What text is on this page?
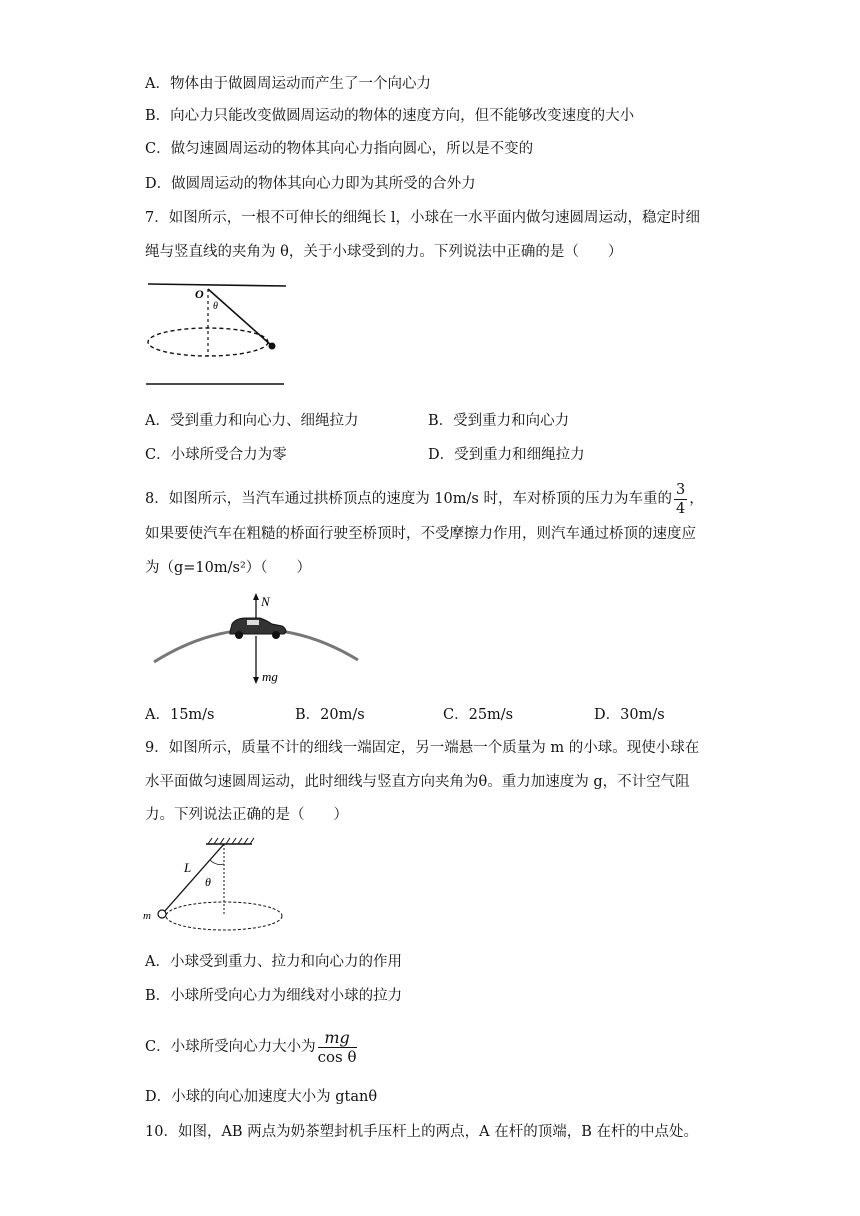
A．物体由于做圆周运动而产生了一个向心力
B．向心力只能改变做圆周运动的物体的速度方向，但不能够改变速度的大小
C．做匀速圆周运动的物体其向心力指向圆心，所以是不变的
D．做圆周运动的物体其向心力即为其所受的合外力
7．如图所示，一根不可伸长的细绳长 l，小球在一水平面内做匀速圆周运动，稳定时细
绳与竖直线的夹角为 θ，关于小球受到的力。下列说法中正确的是（　　）
O
θ
A．受到重力和向心力、细绳拉力	B．受到重力和向心力
C．小球所受合力为零	D．受到重力和细绳拉力
8．如图所示，当汽车通过拱桥顶点的速度为 10m/s 时，车对桥顶的压力为车重的 $\frac{3}{4}$ ，
如果要使汽车在粗糙的桥面行驶至桥顶时，不受摩擦力作用，则汽车通过桥顶的速度应
为（g=10m/s²）（　　）
N
mg
A．15m/s	B．20m/s	C．25m/s	D．30m/s
9．如图所示，质量不计的细线一端固定，另一端悬一个质量为 m 的小球。现使小球在
水平面做匀速圆周运动，此时细线与竖直方向夹角为θ。重力加速度为 g，不计空气阻
力。下列说法正确的是（　　）
L
θ
m
A．小球受到重力、拉力和向心力的作用
B．小球所受向心力为细线对小球的拉力
C．小球所受向心力大小为 $\frac{mg}{\text{cos θ}}$
D．小球的向心加速度大小为 gtanθ
10．如图，AB 两点为奶茶塑封机手压杆上的两点，A 在杆的顶端，B 在杆的中点处。
